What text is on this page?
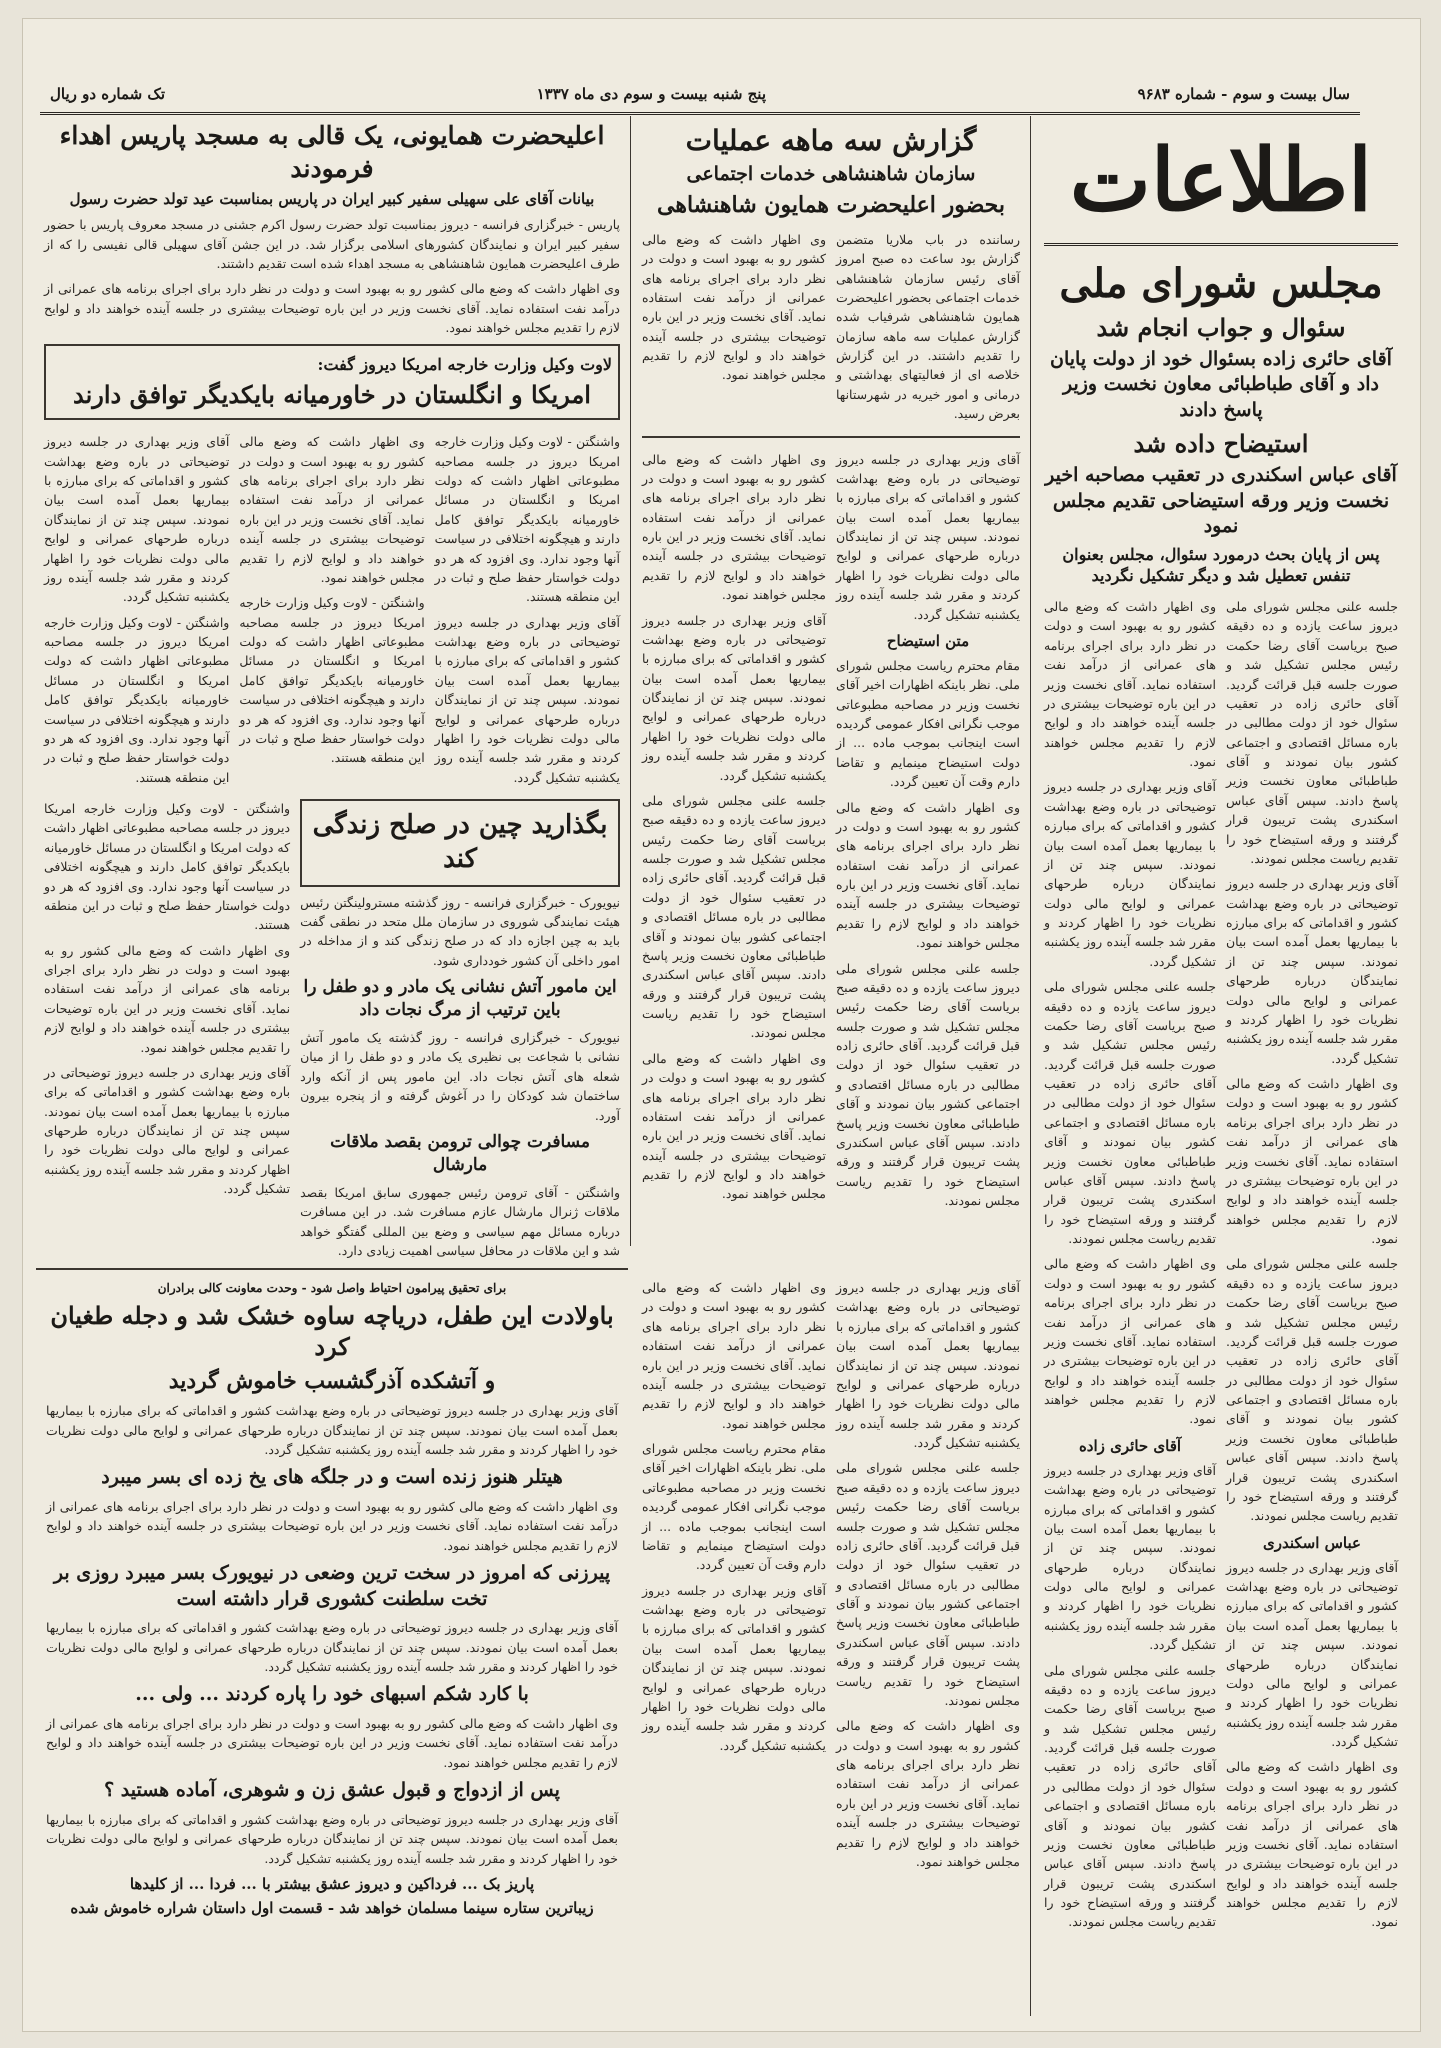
سال بیست و سوم - شماره ۹۶۸۳
پنج شنبه بیست و سوم دی ماه ۱۳۳۷
تک شماره دو ریال
اطلاعات
مجلس شورای ملی
سئوال و جواب انجام شد
آقای حائری زاده بسئوال خود از دولت پایان داد و آقای طباطبائی معاون نخست وزیر پاسخ دادند
استیضاح داده شد
آقای عباس اسکندری در تعقیب مصاحبه اخیر نخست وزیر ورقه استیضاحی تقدیم مجلس نمود
پس از پایان بحث درمورد سئوال، مجلس بعنوان تنفس تعطیل شد و دیگر تشکیل نگردید
جلسه علنی مجلس شورای ملی دیروز ساعت یازده و ده دقیقه صبح بریاست آقای رضا حکمت رئیس مجلس تشکیل شد و صورت جلسه قبل قرائت گردید. آقای حائری زاده در تعقیب سئوال خود از دولت مطالبی در باره مسائل اقتصادی و اجتماعی کشور بیان نمودند و آقای طباطبائی معاون نخست وزیر پاسخ دادند. سپس آقای عباس اسکندری پشت تریبون قرار گرفتند و ورقه استیضاح خود را تقدیم ریاست مجلس نمودند.
آقای وزیر بهداری در جلسه دیروز توضیحاتی در باره وضع بهداشت کشور و اقداماتی که برای مبارزه با بیماریها بعمل آمده است بیان نمودند. سپس چند تن از نمایندگان درباره طرحهای عمرانی و لوایح مالی دولت نظریات خود را اظهار کردند و مقرر شد جلسه آینده روز یکشنبه تشکیل گردد.
وی اظهار داشت که وضع مالی کشور رو به بهبود است و دولت در نظر دارد برای اجرای برنامه های عمرانی از درآمد نفت استفاده نماید. آقای نخست وزیر در این باره توضیحات بیشتری در جلسه آینده خواهند داد و لوایح لازم را تقدیم مجلس خواهند نمود.
جلسه علنی مجلس شورای ملی دیروز ساعت یازده و ده دقیقه صبح بریاست آقای رضا حکمت رئیس مجلس تشکیل شد و صورت جلسه قبل قرائت گردید. آقای حائری زاده در تعقیب سئوال خود از دولت مطالبی در باره مسائل اقتصادی و اجتماعی کشور بیان نمودند و آقای طباطبائی معاون نخست وزیر پاسخ دادند. سپس آقای عباس اسکندری پشت تریبون قرار گرفتند و ورقه استیضاح خود را تقدیم ریاست مجلس نمودند.
عباس اسکندری
آقای وزیر بهداری در جلسه دیروز توضیحاتی در باره وضع بهداشت کشور و اقداماتی که برای مبارزه با بیماریها بعمل آمده است بیان نمودند. سپس چند تن از نمایندگان درباره طرحهای عمرانی و لوایح مالی دولت نظریات خود را اظهار کردند و مقرر شد جلسه آینده روز یکشنبه تشکیل گردد.
وی اظهار داشت که وضع مالی کشور رو به بهبود است و دولت در نظر دارد برای اجرای برنامه های عمرانی از درآمد نفت استفاده نماید. آقای نخست وزیر در این باره توضیحات بیشتری در جلسه آینده خواهند داد و لوایح لازم را تقدیم مجلس خواهند نمود.
وی اظهار داشت که وضع مالی کشور رو به بهبود است و دولت در نظر دارد برای اجرای برنامه های عمرانی از درآمد نفت استفاده نماید. آقای نخست وزیر در این باره توضیحات بیشتری در جلسه آینده خواهند داد و لوایح لازم را تقدیم مجلس خواهند نمود.
آقای وزیر بهداری در جلسه دیروز توضیحاتی در باره وضع بهداشت کشور و اقداماتی که برای مبارزه با بیماریها بعمل آمده است بیان نمودند. سپس چند تن از نمایندگان درباره طرحهای عمرانی و لوایح مالی دولت نظریات خود را اظهار کردند و مقرر شد جلسه آینده روز یکشنبه تشکیل گردد.
جلسه علنی مجلس شورای ملی دیروز ساعت یازده و ده دقیقه صبح بریاست آقای رضا حکمت رئیس مجلس تشکیل شد و صورت جلسه قبل قرائت گردید. آقای حائری زاده در تعقیب سئوال خود از دولت مطالبی در باره مسائل اقتصادی و اجتماعی کشور بیان نمودند و آقای طباطبائی معاون نخست وزیر پاسخ دادند. سپس آقای عباس اسکندری پشت تریبون قرار گرفتند و ورقه استیضاح خود را تقدیم ریاست مجلس نمودند.
وی اظهار داشت که وضع مالی کشور رو به بهبود است و دولت در نظر دارد برای اجرای برنامه های عمرانی از درآمد نفت استفاده نماید. آقای نخست وزیر در این باره توضیحات بیشتری در جلسه آینده خواهند داد و لوایح لازم را تقدیم مجلس خواهند نمود.
آقای حائری زاده
آقای وزیر بهداری در جلسه دیروز توضیحاتی در باره وضع بهداشت کشور و اقداماتی که برای مبارزه با بیماریها بعمل آمده است بیان نمودند. سپس چند تن از نمایندگان درباره طرحهای عمرانی و لوایح مالی دولت نظریات خود را اظهار کردند و مقرر شد جلسه آینده روز یکشنبه تشکیل گردد.
جلسه علنی مجلس شورای ملی دیروز ساعت یازده و ده دقیقه صبح بریاست آقای رضا حکمت رئیس مجلس تشکیل شد و صورت جلسه قبل قرائت گردید. آقای حائری زاده در تعقیب سئوال خود از دولت مطالبی در باره مسائل اقتصادی و اجتماعی کشور بیان نمودند و آقای طباطبائی معاون نخست وزیر پاسخ دادند. سپس آقای عباس اسکندری پشت تریبون قرار گرفتند و ورقه استیضاح خود را تقدیم ریاست مجلس نمودند.
گزارش سه ماهه عملیات
سازمان شاهنشاهی خدمات اجتماعی
بحضور اعلیحضرت همایون شاهنشاهی
رساننده در باب ملاریا متضمن گزارش بود ساعت ده صبح امروز آقای رئیس سازمان شاهنشاهی خدمات اجتماعی بحضور اعلیحضرت همایون شاهنشاهی شرفیاب شده گزارش عملیات سه ماهه سازمان را تقدیم داشتند. در این گزارش خلاصه ای از فعالیتهای بهداشتی و درمانی و امور خیریه در شهرستانها بعرض رسید.
وی اظهار داشت که وضع مالی کشور رو به بهبود است و دولت در نظر دارد برای اجرای برنامه های عمرانی از درآمد نفت استفاده نماید. آقای نخست وزیر در این باره توضیحات بیشتری در جلسه آینده خواهند داد و لوایح لازم را تقدیم مجلس خواهند نمود.
آقای وزیر بهداری در جلسه دیروز توضیحاتی در باره وضع بهداشت کشور و اقداماتی که برای مبارزه با بیماریها بعمل آمده است بیان نمودند. سپس چند تن از نمایندگان درباره طرحهای عمرانی و لوایح مالی دولت نظریات خود را اظهار کردند و مقرر شد جلسه آینده روز یکشنبه تشکیل گردد.
متن استیضاح
مقام محترم ریاست مجلس شورای ملی. نظر باینکه اظهارات اخیر آقای نخست وزیر در مصاحبه مطبوعاتی موجب نگرانی افکار عمومی گردیده است اینجانب بموجب ماده ... از دولت استیضاح مینمایم و تقاضا دارم وقت آن تعیین گردد.
وی اظهار داشت که وضع مالی کشور رو به بهبود است و دولت در نظر دارد برای اجرای برنامه های عمرانی از درآمد نفت استفاده نماید. آقای نخست وزیر در این باره توضیحات بیشتری در جلسه آینده خواهند داد و لوایح لازم را تقدیم مجلس خواهند نمود.
جلسه علنی مجلس شورای ملی دیروز ساعت یازده و ده دقیقه صبح بریاست آقای رضا حکمت رئیس مجلس تشکیل شد و صورت جلسه قبل قرائت گردید. آقای حائری زاده در تعقیب سئوال خود از دولت مطالبی در باره مسائل اقتصادی و اجتماعی کشور بیان نمودند و آقای طباطبائی معاون نخست وزیر پاسخ دادند. سپس آقای عباس اسکندری پشت تریبون قرار گرفتند و ورقه استیضاح خود را تقدیم ریاست مجلس نمودند.
وی اظهار داشت که وضع مالی کشور رو به بهبود است و دولت در نظر دارد برای اجرای برنامه های عمرانی از درآمد نفت استفاده نماید. آقای نخست وزیر در این باره توضیحات بیشتری در جلسه آینده خواهند داد و لوایح لازم را تقدیم مجلس خواهند نمود.
آقای وزیر بهداری در جلسه دیروز توضیحاتی در باره وضع بهداشت کشور و اقداماتی که برای مبارزه با بیماریها بعمل آمده است بیان نمودند. سپس چند تن از نمایندگان درباره طرحهای عمرانی و لوایح مالی دولت نظریات خود را اظهار کردند و مقرر شد جلسه آینده روز یکشنبه تشکیل گردد.
جلسه علنی مجلس شورای ملی دیروز ساعت یازده و ده دقیقه صبح بریاست آقای رضا حکمت رئیس مجلس تشکیل شد و صورت جلسه قبل قرائت گردید. آقای حائری زاده در تعقیب سئوال خود از دولت مطالبی در باره مسائل اقتصادی و اجتماعی کشور بیان نمودند و آقای طباطبائی معاون نخست وزیر پاسخ دادند. سپس آقای عباس اسکندری پشت تریبون قرار گرفتند و ورقه استیضاح خود را تقدیم ریاست مجلس نمودند.
وی اظهار داشت که وضع مالی کشور رو به بهبود است و دولت در نظر دارد برای اجرای برنامه های عمرانی از درآمد نفت استفاده نماید. آقای نخست وزیر در این باره توضیحات بیشتری در جلسه آینده خواهند داد و لوایح لازم را تقدیم مجلس خواهند نمود.
اعلیحضرت همایونی، یک قالی به مسجد پاریس اهداء فرمودند
بیانات آقای علی سهیلی سفیر کبیر ایران در پاریس بمناسبت عید تولد حضرت رسول
پاریس - خبرگزاری فرانسه - دیروز بمناسبت تولد حضرت رسول اکرم جشنی در مسجد معروف پاریس با حضور سفیر کبیر ایران و نمایندگان کشورهای اسلامی برگزار شد. در این جشن آقای سهیلی قالی نفیسی را که از طرف اعلیحضرت همایون شاهنشاهی به مسجد اهداء شده است تقدیم داشتند.
وی اظهار داشت که وضع مالی کشور رو به بهبود است و دولت در نظر دارد برای اجرای برنامه های عمرانی از درآمد نفت استفاده نماید. آقای نخست وزیر در این باره توضیحات بیشتری در جلسه آینده خواهند داد و لوایح لازم را تقدیم مجلس خواهند نمود.
لاوت وکیل وزارت خارجه امریکا دیروز گفت:
امریکا و انگلستان در خاورمیانه بایکدیگر توافق دارند
واشنگتن - لاوت وکیل وزارت خارجه امریکا دیروز در جلسه مصاحبه مطبوعاتی اظهار داشت که دولت امریکا و انگلستان در مسائل خاورمیانه بایکدیگر توافق کامل دارند و هیچگونه اختلافی در سیاست آنها وجود ندارد. وی افزود که هر دو دولت خواستار حفظ صلح و ثبات در این منطقه هستند.
آقای وزیر بهداری در جلسه دیروز توضیحاتی در باره وضع بهداشت کشور و اقداماتی که برای مبارزه با بیماریها بعمل آمده است بیان نمودند. سپس چند تن از نمایندگان درباره طرحهای عمرانی و لوایح مالی دولت نظریات خود را اظهار کردند و مقرر شد جلسه آینده روز یکشنبه تشکیل گردد.
وی اظهار داشت که وضع مالی کشور رو به بهبود است و دولت در نظر دارد برای اجرای برنامه های عمرانی از درآمد نفت استفاده نماید. آقای نخست وزیر در این باره توضیحات بیشتری در جلسه آینده خواهند داد و لوایح لازم را تقدیم مجلس خواهند نمود.
واشنگتن - لاوت وکیل وزارت خارجه امریکا دیروز در جلسه مصاحبه مطبوعاتی اظهار داشت که دولت امریکا و انگلستان در مسائل خاورمیانه بایکدیگر توافق کامل دارند و هیچگونه اختلافی در سیاست آنها وجود ندارد. وی افزود که هر دو دولت خواستار حفظ صلح و ثبات در این منطقه هستند.
آقای وزیر بهداری در جلسه دیروز توضیحاتی در باره وضع بهداشت کشور و اقداماتی که برای مبارزه با بیماریها بعمل آمده است بیان نمودند. سپس چند تن از نمایندگان درباره طرحهای عمرانی و لوایح مالی دولت نظریات خود را اظهار کردند و مقرر شد جلسه آینده روز یکشنبه تشکیل گردد.
واشنگتن - لاوت وکیل وزارت خارجه امریکا دیروز در جلسه مصاحبه مطبوعاتی اظهار داشت که دولت امریکا و انگلستان در مسائل خاورمیانه بایکدیگر توافق کامل دارند و هیچگونه اختلافی در سیاست آنها وجود ندارد. وی افزود که هر دو دولت خواستار حفظ صلح و ثبات در این منطقه هستند.
بگذارید چین در صلح زندگی کند
نیویورک - خبرگزاری فرانسه - روز گذشته مسترولینگتن رئیس هیئت نمایندگی شوروی در سازمان ملل متحد در نطقی گفت باید به چین اجازه داد که در صلح زندگی کند و از مداخله در امور داخلی آن کشور خودداری شود.
این مامور آتش نشانی یک مادر و دو طفل را باین ترتیب از مرگ نجات داد
نیویورک - خبرگزاری فرانسه - روز گذشته یک مامور آتش نشانی با شجاعت بی نظیری یک مادر و دو طفل را از میان شعله های آتش نجات داد. این مامور پس از آنکه وارد ساختمان شد کودکان را در آغوش گرفته و از پنجره بیرون آورد.
مسافرت چوالی ترومن بقصد ملاقات مارشال
واشنگتن - آقای ترومن رئیس جمهوری سابق امریکا بقصد ملاقات ژنرال مارشال عازم مسافرت شد. در این مسافرت درباره مسائل مهم سیاسی و وضع بین المللی گفتگو خواهد شد و این ملاقات در محافل سیاسی اهمیت زیادی دارد.
واشنگتن - لاوت وکیل وزارت خارجه امریکا دیروز در جلسه مصاحبه مطبوعاتی اظهار داشت که دولت امریکا و انگلستان در مسائل خاورمیانه بایکدیگر توافق کامل دارند و هیچگونه اختلافی در سیاست آنها وجود ندارد. وی افزود که هر دو دولت خواستار حفظ صلح و ثبات در این منطقه هستند.
وی اظهار داشت که وضع مالی کشور رو به بهبود است و دولت در نظر دارد برای اجرای برنامه های عمرانی از درآمد نفت استفاده نماید. آقای نخست وزیر در این باره توضیحات بیشتری در جلسه آینده خواهند داد و لوایح لازم را تقدیم مجلس خواهند نمود.
آقای وزیر بهداری در جلسه دیروز توضیحاتی در باره وضع بهداشت کشور و اقداماتی که برای مبارزه با بیماریها بعمل آمده است بیان نمودند. سپس چند تن از نمایندگان درباره طرحهای عمرانی و لوایح مالی دولت نظریات خود را اظهار کردند و مقرر شد جلسه آینده روز یکشنبه تشکیل گردد.
برای تحقیق پیرامون احتیاط واصل شود - وحدت معاونت کالی برادران
باولادت این طفل، دریاچه ساوه خشک شد و دجله طغیان کرد
و آتشکده آذرگشسب خاموش گردید
آقای وزیر بهداری در جلسه دیروز توضیحاتی در باره وضع بهداشت کشور و اقداماتی که برای مبارزه با بیماریها بعمل آمده است بیان نمودند. سپس چند تن از نمایندگان درباره طرحهای عمرانی و لوایح مالی دولت نظریات خود را اظهار کردند و مقرر شد جلسه آینده روز یکشنبه تشکیل گردد.
هیتلر هنوز زنده است و در جلگه های یخ زده ای بسر میبرد
وی اظهار داشت که وضع مالی کشور رو به بهبود است و دولت در نظر دارد برای اجرای برنامه های عمرانی از درآمد نفت استفاده نماید. آقای نخست وزیر در این باره توضیحات بیشتری در جلسه آینده خواهند داد و لوایح لازم را تقدیم مجلس خواهند نمود.
پیرزنی که امروز در سخت ترین وضعی در نیویورک بسر میبرد روزی بر تخت سلطنت کشوری قرار داشته است
آقای وزیر بهداری در جلسه دیروز توضیحاتی در باره وضع بهداشت کشور و اقداماتی که برای مبارزه با بیماریها بعمل آمده است بیان نمودند. سپس چند تن از نمایندگان درباره طرحهای عمرانی و لوایح مالی دولت نظریات خود را اظهار کردند و مقرر شد جلسه آینده روز یکشنبه تشکیل گردد.
با کارد شکم اسبهای خود را پاره کردند ... ولی ...
وی اظهار داشت که وضع مالی کشور رو به بهبود است و دولت در نظر دارد برای اجرای برنامه های عمرانی از درآمد نفت استفاده نماید. آقای نخست وزیر در این باره توضیحات بیشتری در جلسه آینده خواهند داد و لوایح لازم را تقدیم مجلس خواهند نمود.
پس از ازدواج و قبول عشق زن و شوهری، آماده هستید ؟
آقای وزیر بهداری در جلسه دیروز توضیحاتی در باره وضع بهداشت کشور و اقداماتی که برای مبارزه با بیماریها بعمل آمده است بیان نمودند. سپس چند تن از نمایندگان درباره طرحهای عمرانی و لوایح مالی دولت نظریات خود را اظهار کردند و مقرر شد جلسه آینده روز یکشنبه تشکیل گردد.
پاریز بک ... فرداکین و دیروز عشق بیشتر با ... فردا ... از کلیدها
زیباترین ستاره سینما مسلمان خواهد شد - قسمت اول داستان شراره خاموش شده
آقای وزیر بهداری در جلسه دیروز توضیحاتی در باره وضع بهداشت کشور و اقداماتی که برای مبارزه با بیماریها بعمل آمده است بیان نمودند. سپس چند تن از نمایندگان درباره طرحهای عمرانی و لوایح مالی دولت نظریات خود را اظهار کردند و مقرر شد جلسه آینده روز یکشنبه تشکیل گردد.
جلسه علنی مجلس شورای ملی دیروز ساعت یازده و ده دقیقه صبح بریاست آقای رضا حکمت رئیس مجلس تشکیل شد و صورت جلسه قبل قرائت گردید. آقای حائری زاده در تعقیب سئوال خود از دولت مطالبی در باره مسائل اقتصادی و اجتماعی کشور بیان نمودند و آقای طباطبائی معاون نخست وزیر پاسخ دادند. سپس آقای عباس اسکندری پشت تریبون قرار گرفتند و ورقه استیضاح خود را تقدیم ریاست مجلس نمودند.
وی اظهار داشت که وضع مالی کشور رو به بهبود است و دولت در نظر دارد برای اجرای برنامه های عمرانی از درآمد نفت استفاده نماید. آقای نخست وزیر در این باره توضیحات بیشتری در جلسه آینده خواهند داد و لوایح لازم را تقدیم مجلس خواهند نمود.
وی اظهار داشت که وضع مالی کشور رو به بهبود است و دولت در نظر دارد برای اجرای برنامه های عمرانی از درآمد نفت استفاده نماید. آقای نخست وزیر در این باره توضیحات بیشتری در جلسه آینده خواهند داد و لوایح لازم را تقدیم مجلس خواهند نمود.
مقام محترم ریاست مجلس شورای ملی. نظر باینکه اظهارات اخیر آقای نخست وزیر در مصاحبه مطبوعاتی موجب نگرانی افکار عمومی گردیده است اینجانب بموجب ماده ... از دولت استیضاح مینمایم و تقاضا دارم وقت آن تعیین گردد.
آقای وزیر بهداری در جلسه دیروز توضیحاتی در باره وضع بهداشت کشور و اقداماتی که برای مبارزه با بیماریها بعمل آمده است بیان نمودند. سپس چند تن از نمایندگان درباره طرحهای عمرانی و لوایح مالی دولت نظریات خود را اظهار کردند و مقرر شد جلسه آینده روز یکشنبه تشکیل گردد.
